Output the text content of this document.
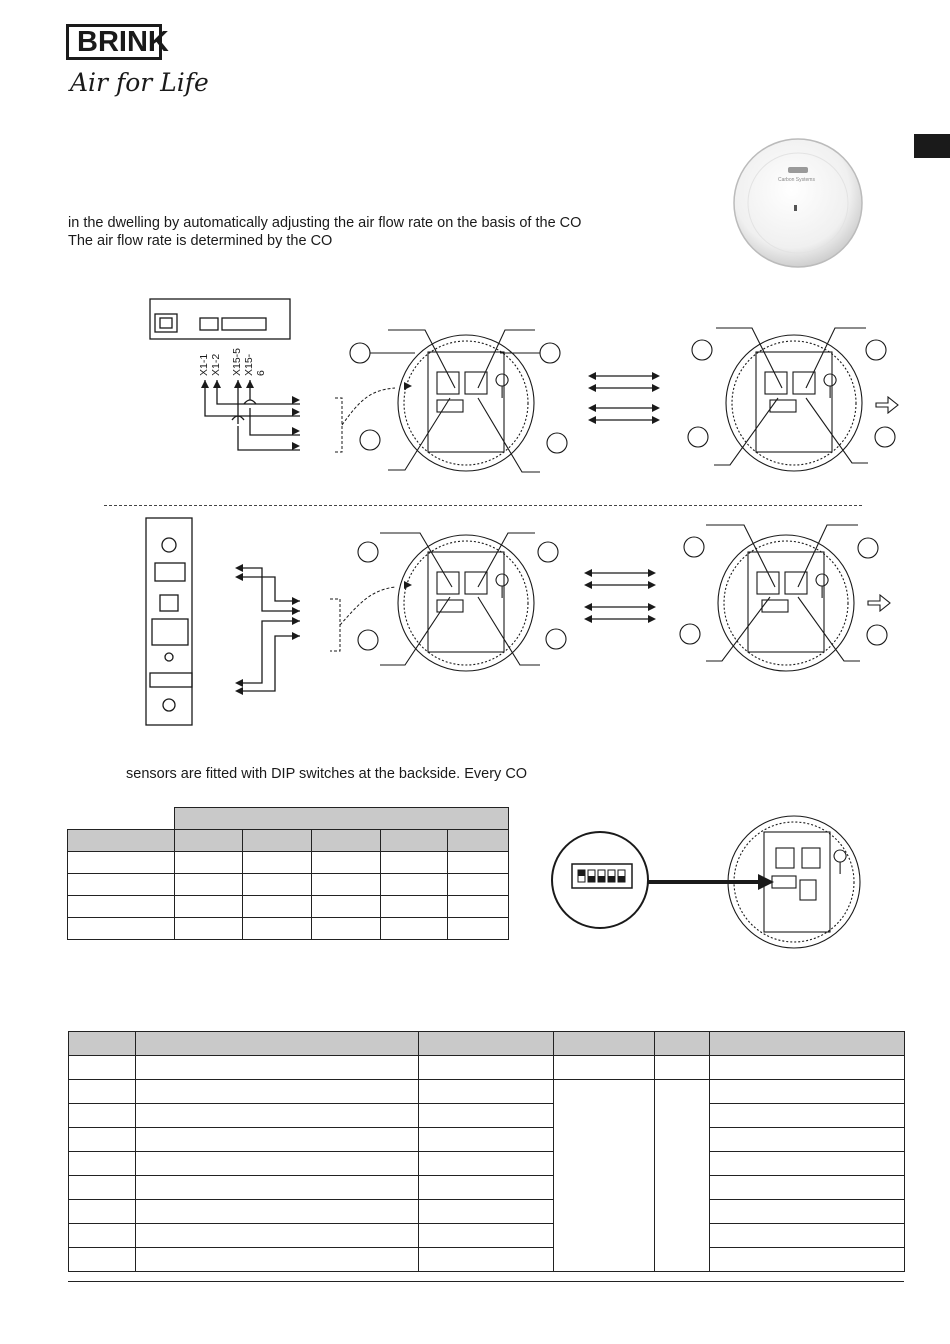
BRINK
Air for Life
Carbon Systems
in the dwelling by automatically adjusting the air flow rate on the basis of the CO
The air flow rate is determined by the CO
X1-1 X1-2 X15-5 X15-6
sensors are fitted with DIP switches at the backside. Every CO
